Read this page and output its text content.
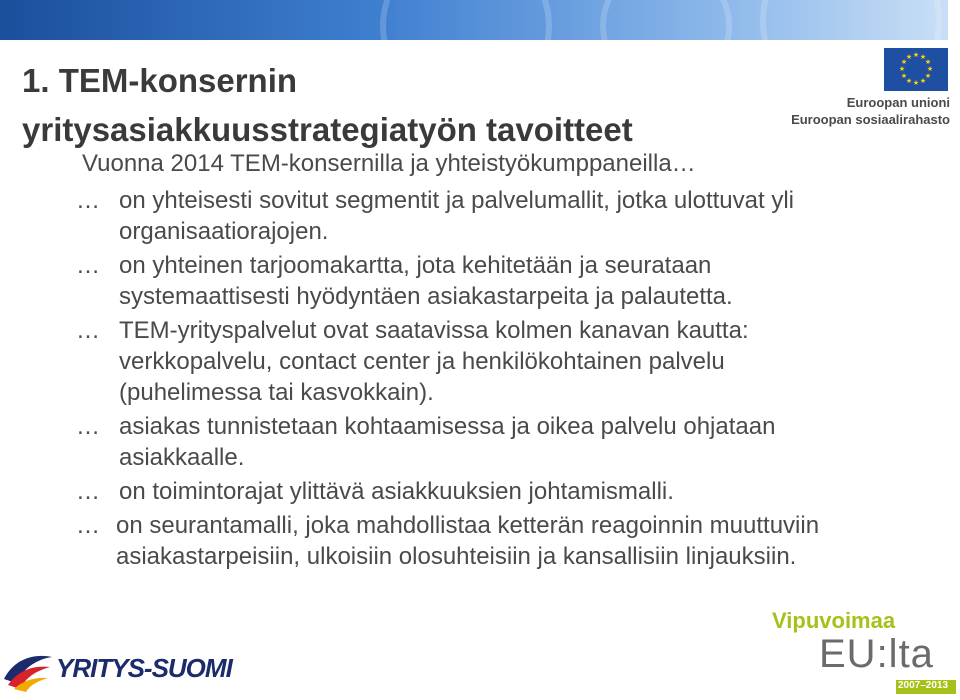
1. TEM-konsernin
yritysasiakkuusstrategiatyön tavoitteet
★ ★
★
★
★
★
★
★
★
★
★
★
Euroopan unioni
Euroopan sosiaalirahasto
Vuonna 2014 TEM-konsernilla ja yhteistyökumppaneilla…
… on yhteisesti sovitut segmentit ja palvelumallit, jotka ulottuvat yli organisaatiorajojen.
… on yhteinen tarjoomakartta, jota kehitetään ja seurataan systemaattisesti hyödyntäen asiakastarpeita ja palautetta.
… TEM-yrityspalvelut ovat saatavissa kolmen kanavan kautta: verkkopalvelu, contact center ja henkilökohtainen palvelu (puhelimessa tai kasvokkain).
… asiakas tunnistetaan kohtaamisessa ja oikea palvelu ohjataan asiakkaalle.
… on toimintorajat ylittävä asiakkuuksien johtamismalli.
… on seurantamalli, joka mahdollistaa ketterän reagoinnin muuttuviin asiakastarpeisiin, ulkoisiin olosuhteisiin ja kansallisiin linjauksiin.
YRITYS-SUOMI
Vipuvoimaa
EU:lta
2007–2013
